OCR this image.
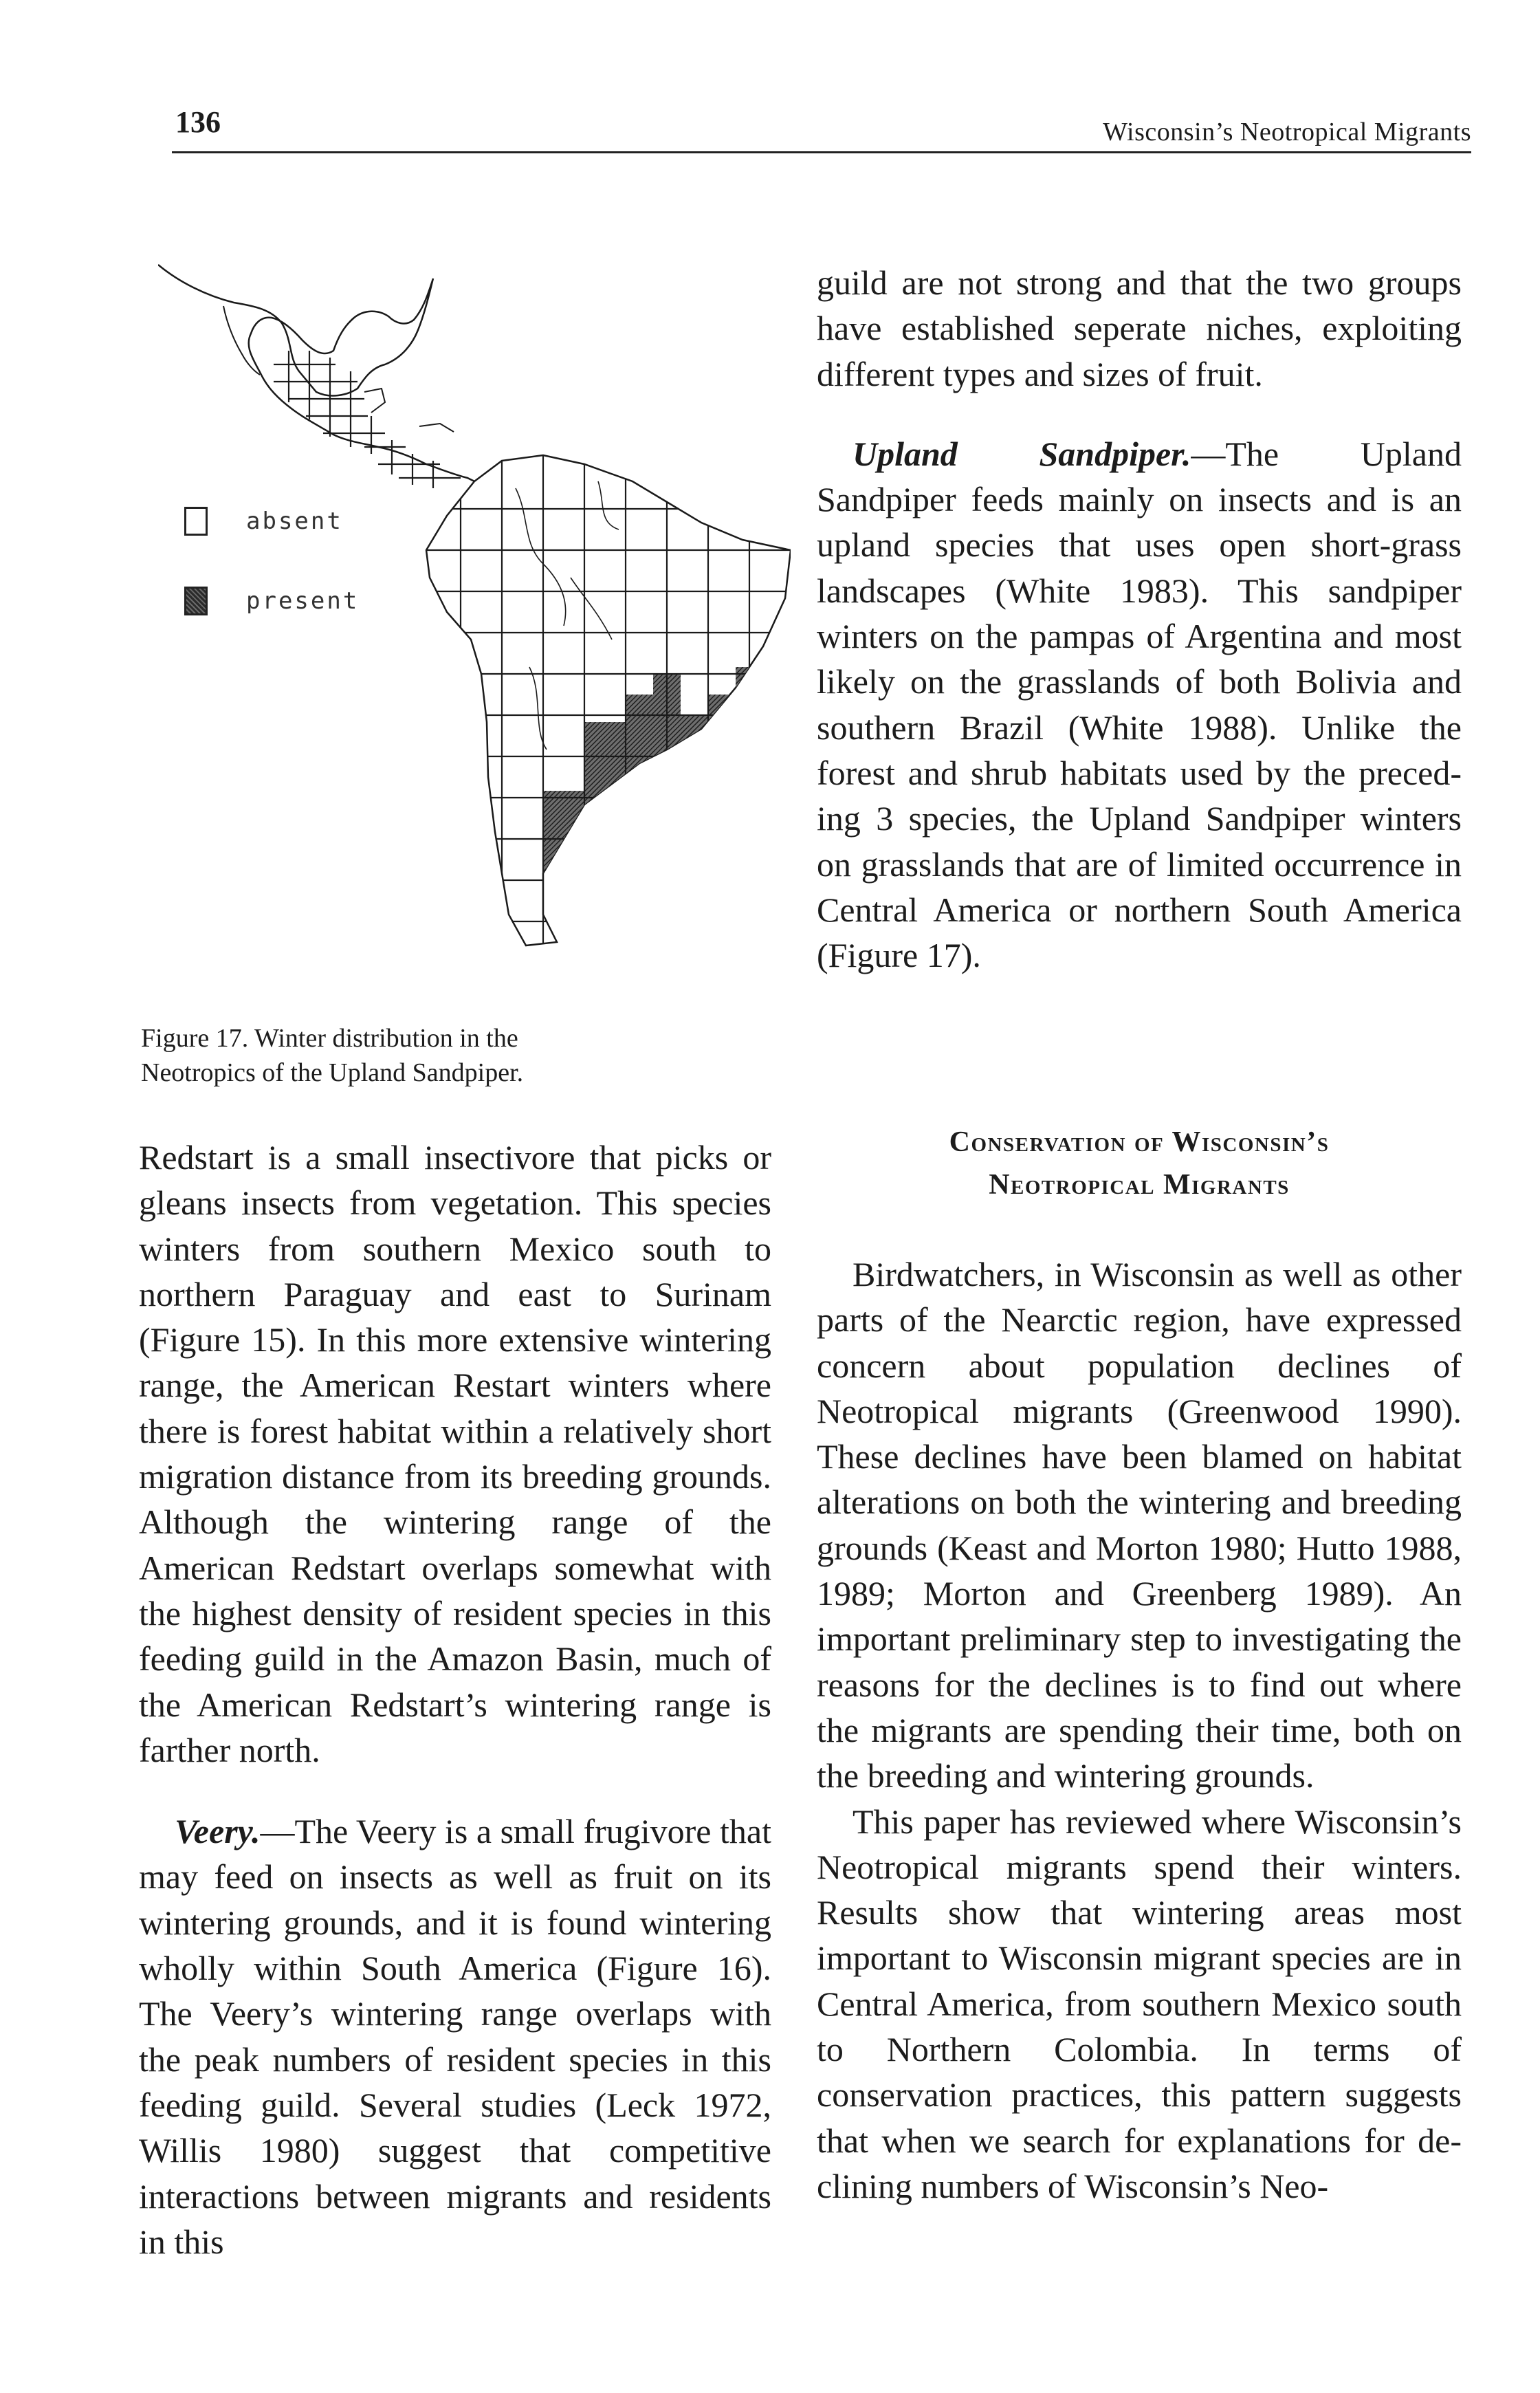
136	Wisconsin’s Neotropical Migrants
absent
present
Figure 17. Winter distribution in the
Neotropics of the Upland Sandpiper.

Redstart is a small insectivore that picks or gleans insects from vegetation. This species winters from southern Mexico south to northern Paraguay and east to Surinam (Figure 15). In this more extensive wintering range, the American Restart winters where there is forest habitat within a relatively short migration distance from its breeding grounds. Although the wintering range of the American Redstart overlaps somewhat with the highest density of resident species in this feeding guild in the Amazon Basin, much of the American Redstart’s wintering range is farther north.

Veery.—The Veery is a small frugivore that may feed on insects as well as fruit on its wintering grounds, and it is found wintering wholly within South America (Figure 16). The Veery’s wintering range overlaps with the peak numbers of resident species in this feeding guild. Several studies (Leck 1972, Willis 1980) suggest that competitive interactions between migrants and residents in this

guild are not strong and that the two groups have established seperate niches, exploiting different types and sizes of fruit.

Upland Sandpiper.—The Upland Sandpiper feeds mainly on insects and is an upland species that uses open short-grass landscapes (White 1983). This sandpiper winters on the pampas of Argentina and most likely on the grasslands of both Bolivia and southern Brazil (White 1988). Unlike the forest and shrub habitats used by the preceding 3 species, the Upland Sandpiper winters on grasslands that are of limited occurrence in Central America or northern South America (Figure 17).

Conservation of Wisconsin’s
Neotropical Migrants

Birdwatchers, in Wisconsin as well as other parts of the Nearctic region, have expressed concern about population declines of Neotropical migrants (Greenwood 1990). These declines have been blamed on habitat alterations on both the wintering and breeding grounds (Keast and Morton 1980; Hutto 1988, 1989; Morton and Greenberg 1989). An important preliminary step to investigating the reasons for the declines is to find out where the migrants are spending their time, both on the breeding and wintering grounds.

This paper has reviewed where Wisconsin’s Neotropical migrants spend their winters. Results show that wintering areas most important to Wisconsin migrant species are in Central America, from southern Mexico south to Northern Colombia. In terms of conservation practices, this pattern suggests that when we search for explanations for declining numbers of Wisconsin’s Neo-
